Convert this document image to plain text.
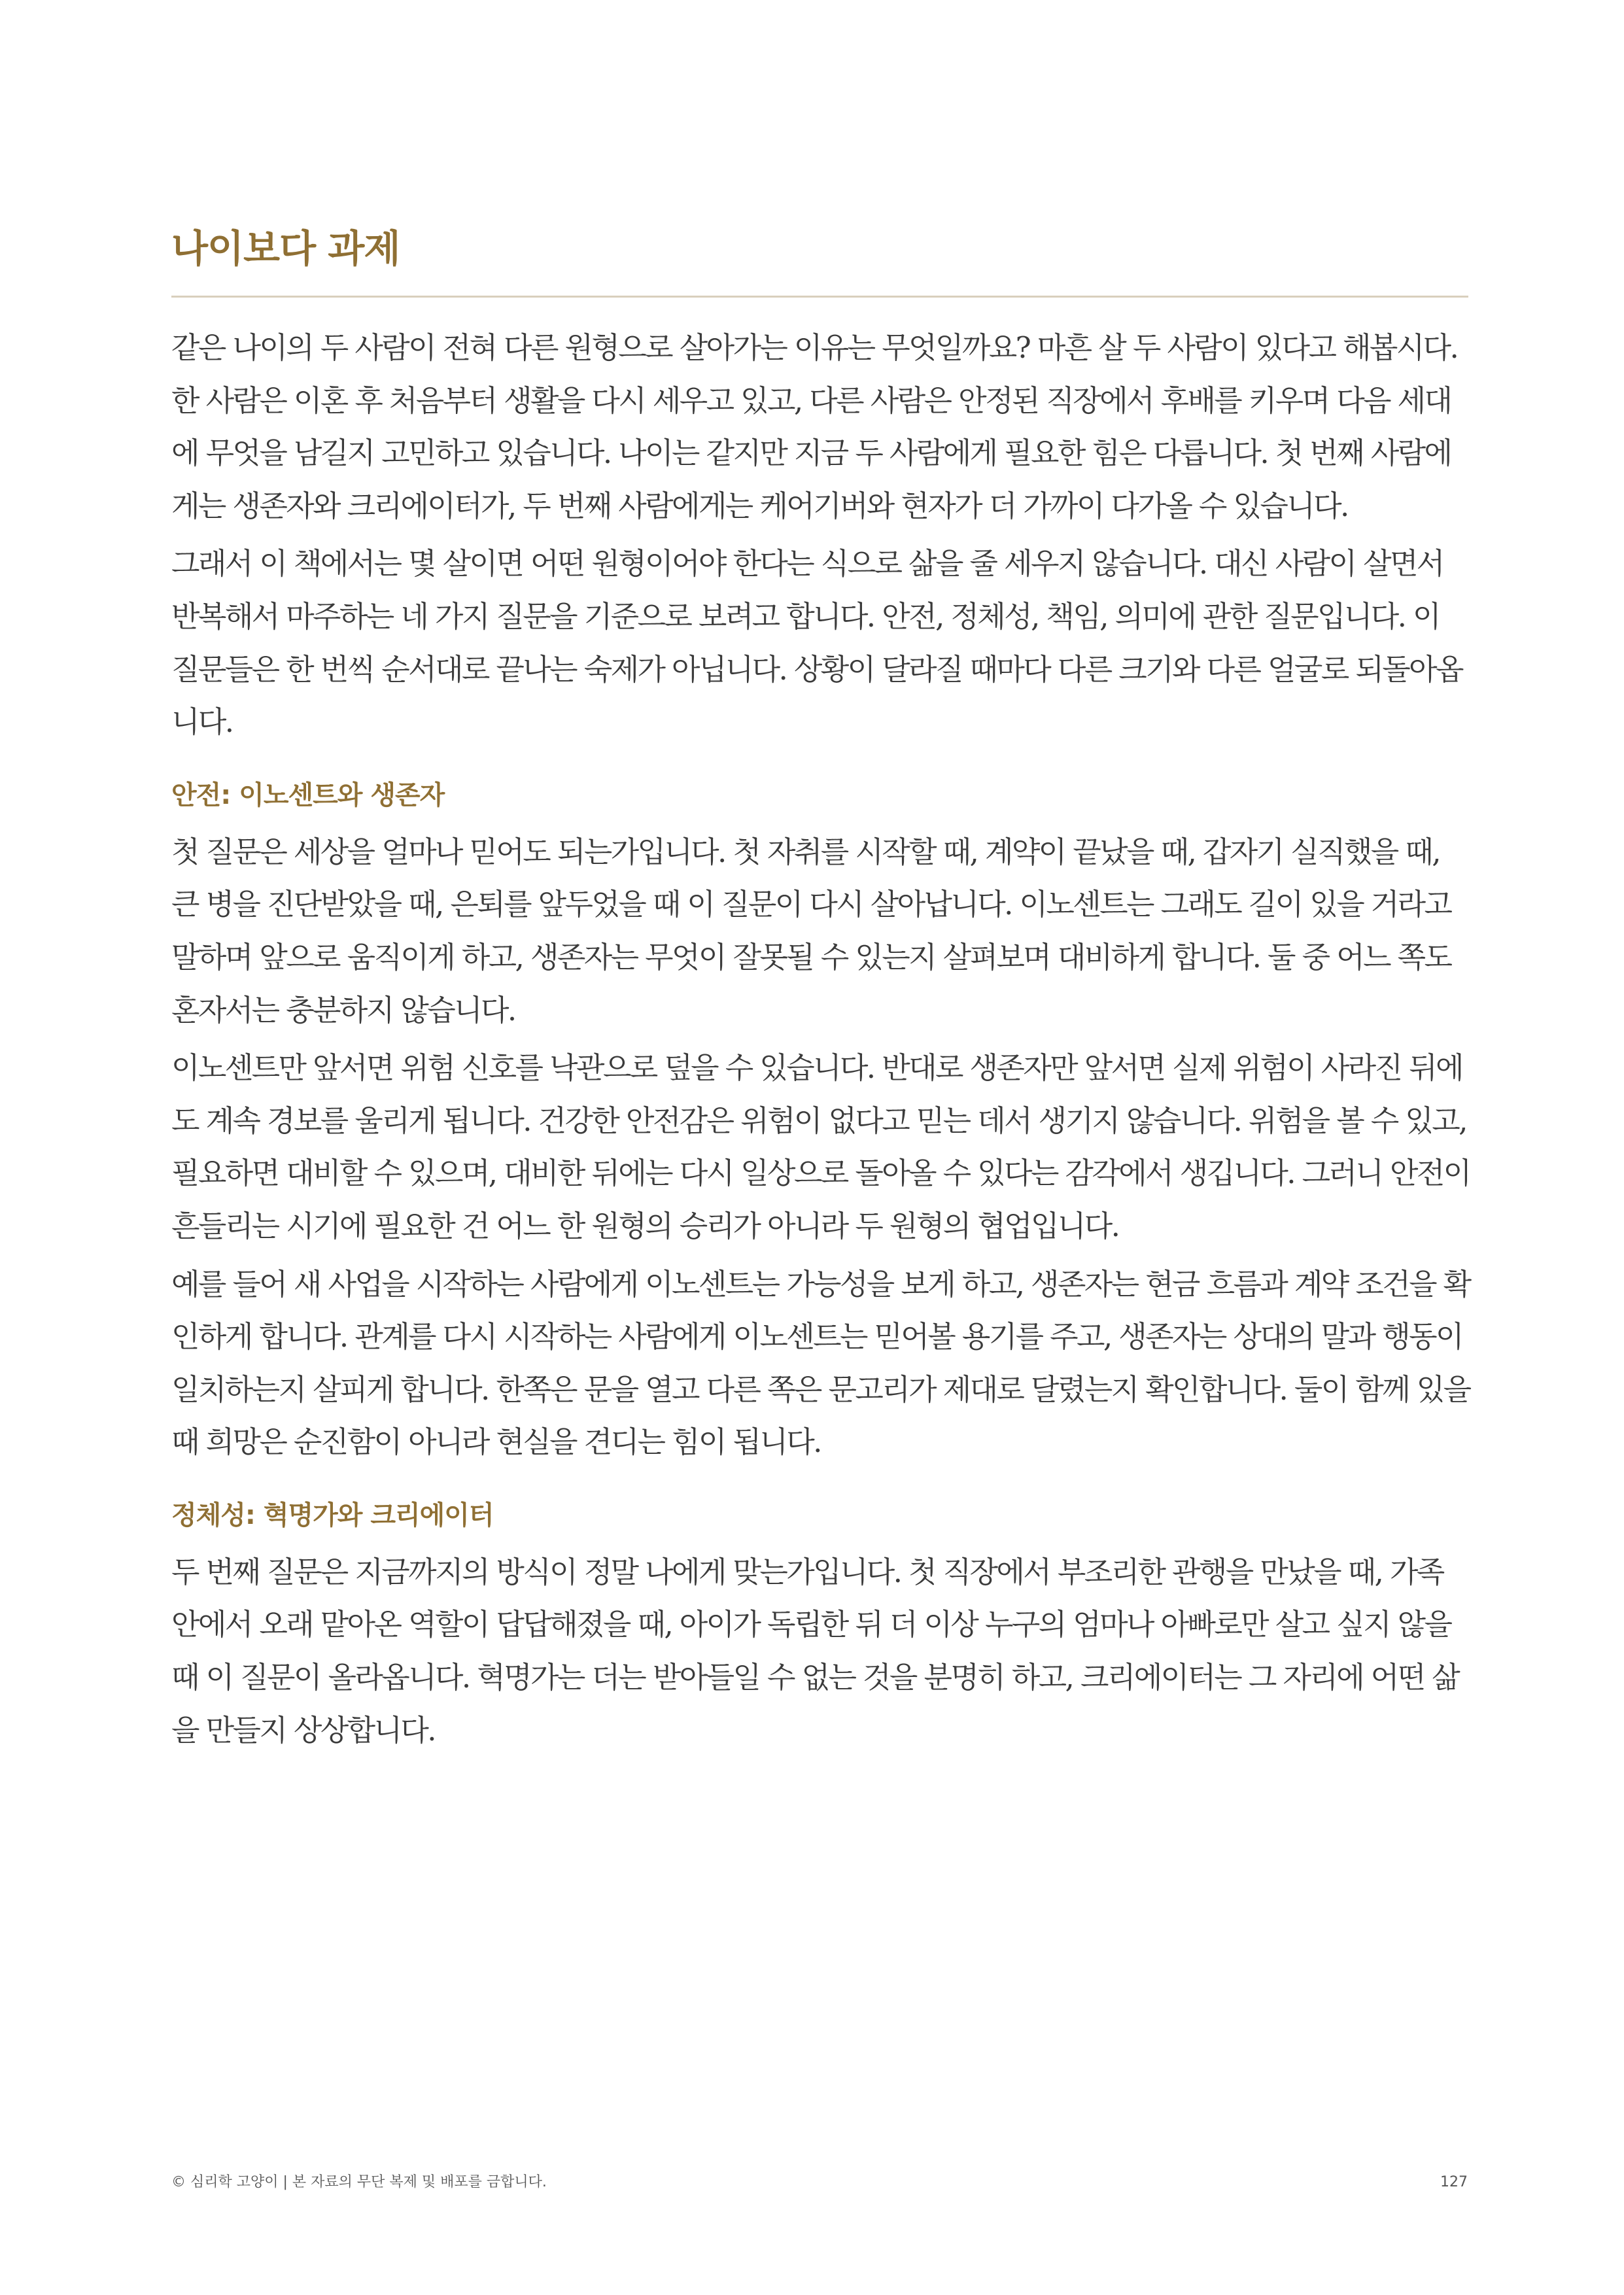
나이보다 과제

같은 나이의 두 사람이 전혀 다른 원형으로 살아가는 이유는 무엇일까요? 마흔 살 두 사람이 있다고 해봅시다. 한 사람은 이혼 후 처음부터 생활을 다시 세우고 있고, 다른 사람은 안정된 직장에서 후배를 키우며 다음 세대에 무엇을 남길지 고민하고 있습니다. 나이는 같지만 지금 두 사람에게 필요한 힘은 다릅니다. 첫 번째 사람에게는 생존자와 크리에이터가, 두 번째 사람에게는 케어기버와 현자가 더 가까이 다가올 수 있습니다.

그래서 이 책에서는 몇 살이면 어떤 원형이어야 한다는 식으로 삶을 줄 세우지 않습니다. 대신 사람이 살면서 반복해서 마주하는 네 가지 질문을 기준으로 보려고 합니다. 안전, 정체성, 책임, 의미에 관한 질문입니다. 이 질문들은 한 번씩 순서대로 끝나는 숙제가 아닙니다. 상황이 달라질 때마다 다른 크기와 다른 얼굴로 되돌아옵니다.

안전: 이노센트와 생존자

첫 질문은 세상을 얼마나 믿어도 되는가입니다. 첫 자취를 시작할 때, 계약이 끝났을 때, 갑자기 실직했을 때, 큰 병을 진단받았을 때, 은퇴를 앞두었을 때 이 질문이 다시 살아납니다. 이노센트는 그래도 길이 있을 거라고 말하며 앞으로 움직이게 하고, 생존자는 무엇이 잘못될 수 있는지 살펴보며 대비하게 합니다. 둘 중 어느 쪽도 혼자서는 충분하지 않습니다.

이노센트만 앞서면 위험 신호를 낙관으로 덮을 수 있습니다. 반대로 생존자만 앞서면 실제 위험이 사라진 뒤에도 계속 경보를 울리게 됩니다. 건강한 안전감은 위험이 없다고 믿는 데서 생기지 않습니다. 위험을 볼 수 있고, 필요하면 대비할 수 있으며, 대비한 뒤에는 다시 일상으로 돌아올 수 있다는 감각에서 생깁니다. 그러니 안전이 흔들리는 시기에 필요한 건 어느 한 원형의 승리가 아니라 두 원형의 협업입니다.

예를 들어 새 사업을 시작하는 사람에게 이노센트는 가능성을 보게 하고, 생존자는 현금 흐름과 계약 조건을 확인하게 합니다. 관계를 다시 시작하는 사람에게 이노센트는 믿어볼 용기를 주고, 생존자는 상대의 말과 행동이 일치하는지 살피게 합니다. 한쪽은 문을 열고 다른 쪽은 문고리가 제대로 달렸는지 확인합니다. 둘이 함께 있을 때 희망은 순진함이 아니라 현실을 견디는 힘이 됩니다.

정체성: 혁명가와 크리에이터

두 번째 질문은 지금까지의 방식이 정말 나에게 맞는가입니다. 첫 직장에서 부조리한 관행을 만났을 때, 가족 안에서 오래 맡아온 역할이 답답해졌을 때, 아이가 독립한 뒤 더 이상 누구의 엄마나 아빠로만 살고 싶지 않을 때 이 질문이 올라옵니다. 혁명가는 더는 받아들일 수 없는 것을 분명히 하고, 크리에이터는 그 자리에 어떤 삶을 만들지 상상합니다.

© 심리학 고양이 | 본 자료의 무단 복제 및 배포를 금합니다.	127
